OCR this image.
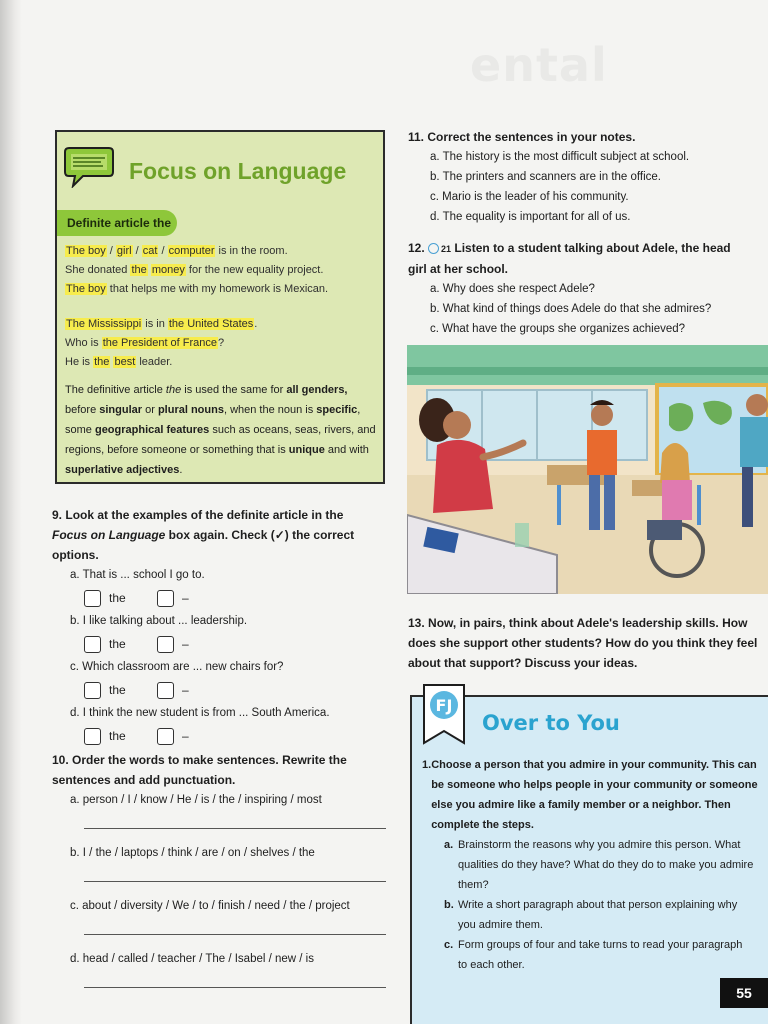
ental
Focus on Language
Definite article the
The boy / girl / cat / computer is in the room.
She donated the money for the new equality project.
The boy that helps me with my homework is Mexican.
The Mississippi is in the United States.
Who is the President of France?
He is the best leader.
The definitive article the is used the same for all genders, before singular or plural nouns, when the noun is specific, some geographical features such as oceans, seas, rivers, and regions, before someone or something that is unique and with superlative adjectives.
9. Look at the examples of the definite article in the Focus on Language box again. Check (✓) the correct options.
a. That is ... school I go to.
the	–
b. I like talking about ... leadership.
the	–
c. Which classroom are ... new chairs for?
the	–
d. I think the new student is from ... South America.
the	–
10. Order the words to make sentences. Rewrite the sentences and add punctuation.
a. person / I / know / He / is / the / inspiring / most
b. I / the / laptops / think / are / on / shelves / the
c. about / diversity / We / to / finish / need / the / project
d. head / called / teacher / The / Isabel / new / is
11. Correct the sentences in your notes.
a. The history is the most difficult subject at school.
b. The printers and scanners are in the office.
c. Mario is the leader of his community.
d. The equality is important for all of us.
12. 21 Listen to a student talking about Adele, the head girl at her school.
a. Why does she respect Adele?
b. What kind of things does Adele do that she admires?
c. What have the groups she organizes achieved?
13. Now, in pairs, think about Adele's leadership skills. How does she support other students? How do you think they feel about that support? Discuss your ideas.
FJ
Over to You
1. Choose a person that you admire in your community. This can be someone who helps people in your community or someone else you admire like a family member or a neighbor. Then complete the steps.
a. Brainstorm the reasons why you admire this person. What qualities do they have? What do they do to make you admire them?
b. Write a short paragraph about that person explaining why you admire them.
c. Form groups of four and take turns to read your paragraph to each other.
55
